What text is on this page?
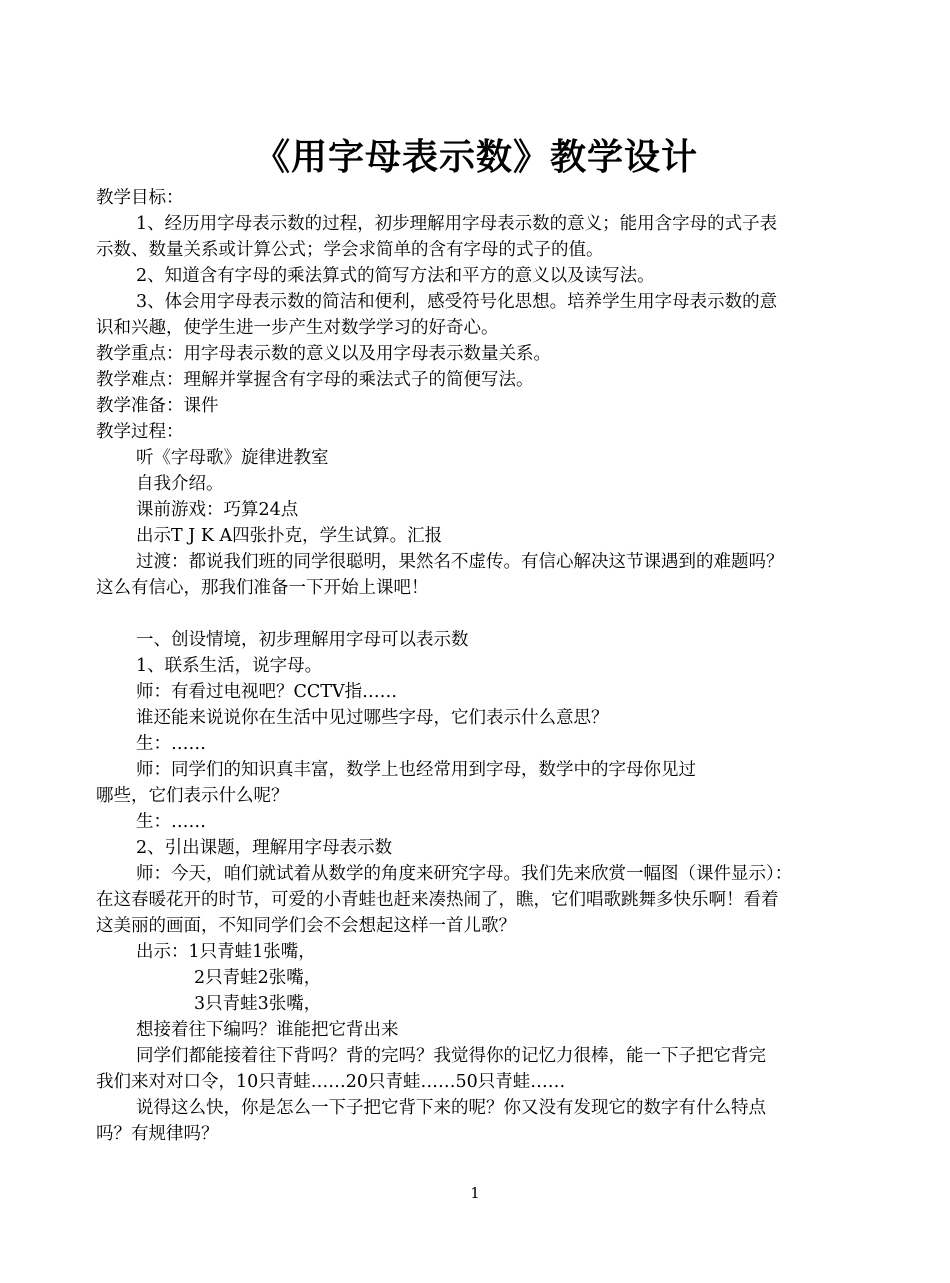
《用字母表示数》教学设计

教学目标：

1、经历用字母表示数的过程，初步理解用字母表示数的意义；能用含字母的式子表

示数、数量关系或计算公式；学会求简单的含有字母的式子的值。

2、知道含有字母的乘法算式的简写方法和平方的意义以及读写法。

3、体会用字母表示数的简洁和便利，感受符号化思想。培养学生用字母表示数的意

识和兴趣，使学生进一步产生对数学学习的好奇心。

教学重点：用字母表示数的意义以及用字母表示数量关系。

教学难点：理解并掌握含有字母的乘法式子的简便写法。

教学准备：课件

教学过程：

听《字母歌》旋律进教室

自我介绍。

课前游戏：巧算24点

出示T J K A四张扑克，学生试算。汇报

过渡：都说我们班的同学很聪明，果然名不虚传。有信心解决这节课遇到的难题吗？

这么有信心，那我们准备一下开始上课吧！

一、创设情境，初步理解用字母可以表示数

1、联系生活，说字母。

师：有看过电视吧？CCTV指……

谁还能来说说你在生活中见过哪些字母，它们表示什么意思？

生：……

师：同学们的知识真丰富，数学上也经常用到字母，数学中的字母你见过

哪些，它们表示什么呢？

生：……

2、引出课题，理解用字母表示数

师：今天，咱们就试着从数学的角度来研究字母。我们先来欣赏一幅图（课件显示）：

在这春暖花开的时节，可爱的小青蛙也赶来凑热闹了，瞧，它们唱歌跳舞多快乐啊！看着

这美丽的画面，不知同学们会不会想起这样一首儿歌？

出示：1只青蛙1张嘴，

2只青蛙2张嘴，

3只青蛙3张嘴，

想接着往下编吗？谁能把它背出来

同学们都能接着往下背吗？背的完吗？我觉得你的记忆力很棒，能一下子把它背完

我们来对对口令，10只青蛙……20只青蛙……50只青蛙……

说得这么快，你是怎么一下子把它背下来的呢？你又没有发现它的数字有什么特点

吗？有规律吗？

1
